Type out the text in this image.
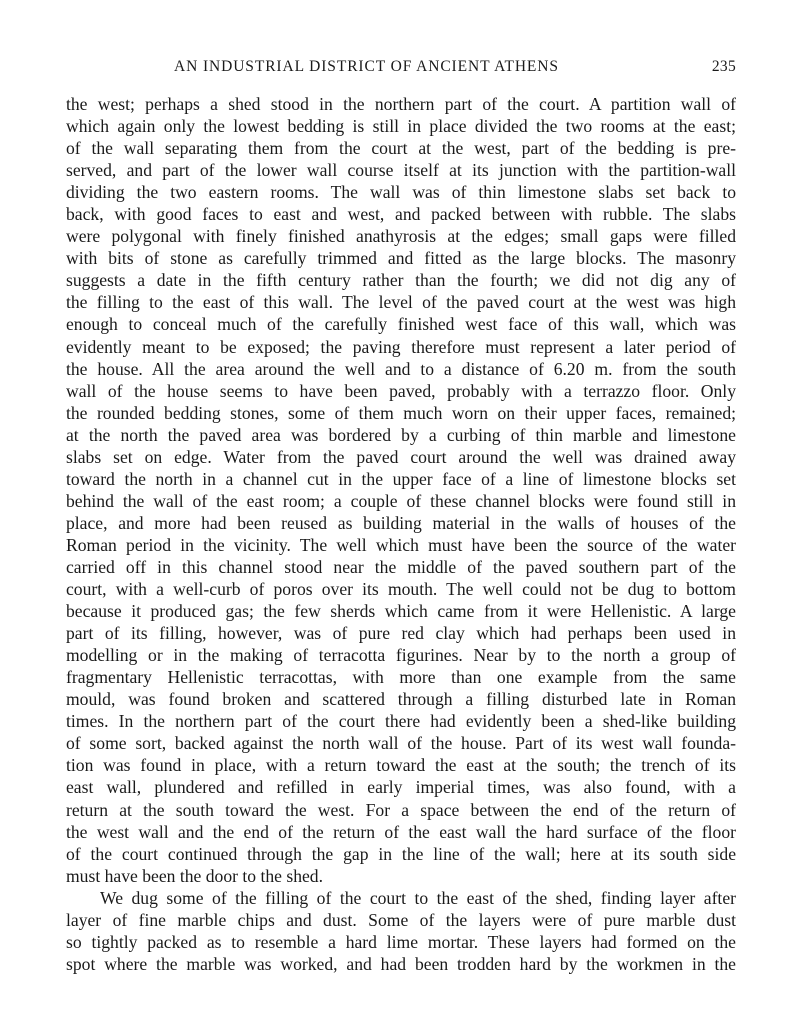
AN INDUSTRIAL DISTRICT OF ANCIENT ATHENS	235
the west; perhaps a shed stood in the northern part of the court. A partition wall of
which again only the lowest bedding is still in place divided the two rooms at the east;
of the wall separating them from the court at the west, part of the bedding is pre-
served, and part of the lower wall course itself at its junction with the partition-wall
dividing the two eastern rooms. The wall was of thin limestone slabs set back to
back, with good faces to east and west, and packed between with rubble. The slabs
were polygonal with finely finished anathyrosis at the edges; small gaps were filled
with bits of stone as carefully trimmed and fitted as the large blocks. The masonry
suggests a date in the fifth century rather than the fourth; we did not dig any of
the filling to the east of this wall. The level of the paved court at the west was high
enough to conceal much of the carefully finished west face of this wall, which was
evidently meant to be exposed; the paving therefore must represent a later period of
the house. All the area around the well and to a distance of 6.20 m. from the south
wall of the house seems to have been paved, probably with a terrazzo floor. Only
the rounded bedding stones, some of them much worn on their upper faces, remained;
at the north the paved area was bordered by a curbing of thin marble and limestone
slabs set on edge. Water from the paved court around the well was drained away
toward the north in a channel cut in the upper face of a line of limestone blocks set
behind the wall of the east room; a couple of these channel blocks were found still in
place, and more had been reused as building material in the walls of houses of the
Roman period in the vicinity. The well which must have been the source of the water
carried off in this channel stood near the middle of the paved southern part of the
court, with a well-curb of poros over its mouth. The well could not be dug to bottom
because it produced gas; the few sherds which came from it were Hellenistic. A large
part of its filling, however, was of pure red clay which had perhaps been used in
modelling or in the making of terracotta figurines. Near by to the north a group of
fragmentary Hellenistic terracottas, with more than one example from the same
mould, was found broken and scattered through a filling disturbed late in Roman
times. In the northern part of the court there had evidently been a shed-like building
of some sort, backed against the north wall of the house. Part of its west wall founda-
tion was found in place, with a return toward the east at the south; the trench of its
east wall, plundered and refilled in early imperial times, was also found, with a
return at the south toward the west. For a space between the end of the return of
the west wall and the end of the return of the east wall the hard surface of the floor
of the court continued through the gap in the line of the wall; here at its south side
must have been the door to the shed.
We dug some of the filling of the court to the east of the shed, finding layer after
layer of fine marble chips and dust. Some of the layers were of pure marble dust
so tightly packed as to resemble a hard lime mortar. These layers had formed on the
spot where the marble was worked, and had been trodden hard by the workmen in the
